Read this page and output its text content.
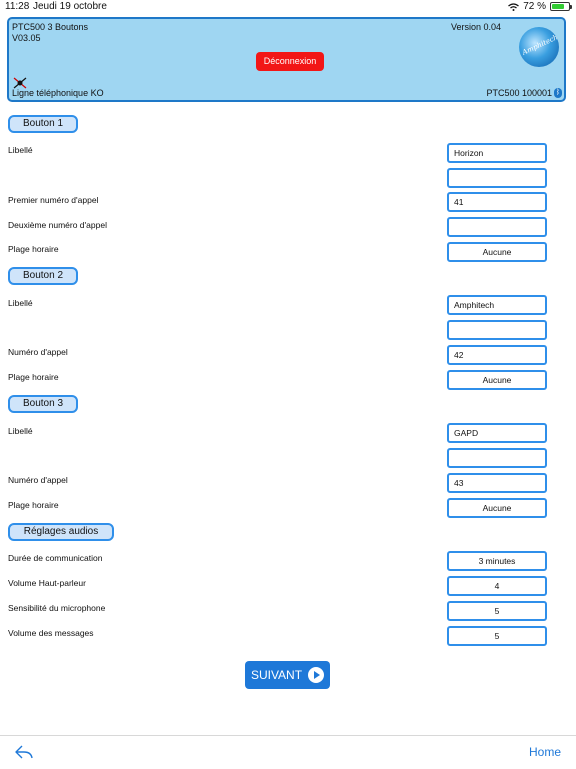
11:28 Jeudi 19 octobre	72 %
PTC500 3 Boutons
V03.05
Version 0.04
Amphitech
Déconnexion
Ligne téléphonique KO	PTC500 100001 ᛒ
Bouton 1
Libellé	Horizon
Premier numéro d'appel	41
Deuxième numéro d'appel
Plage horaire	Aucune
Bouton 2
Libellé	Amphitech
Numéro d'appel	42
Plage horaire	Aucune
Bouton 3
Libellé	GAPD
Numéro d'appel	43
Plage horaire	Aucune
Réglages audios
Durée de communication	3 minutes
Volume Haut-parleur	4
Sensibilité du microphone	5
Volume des messages	5
SUIVANT
Home
